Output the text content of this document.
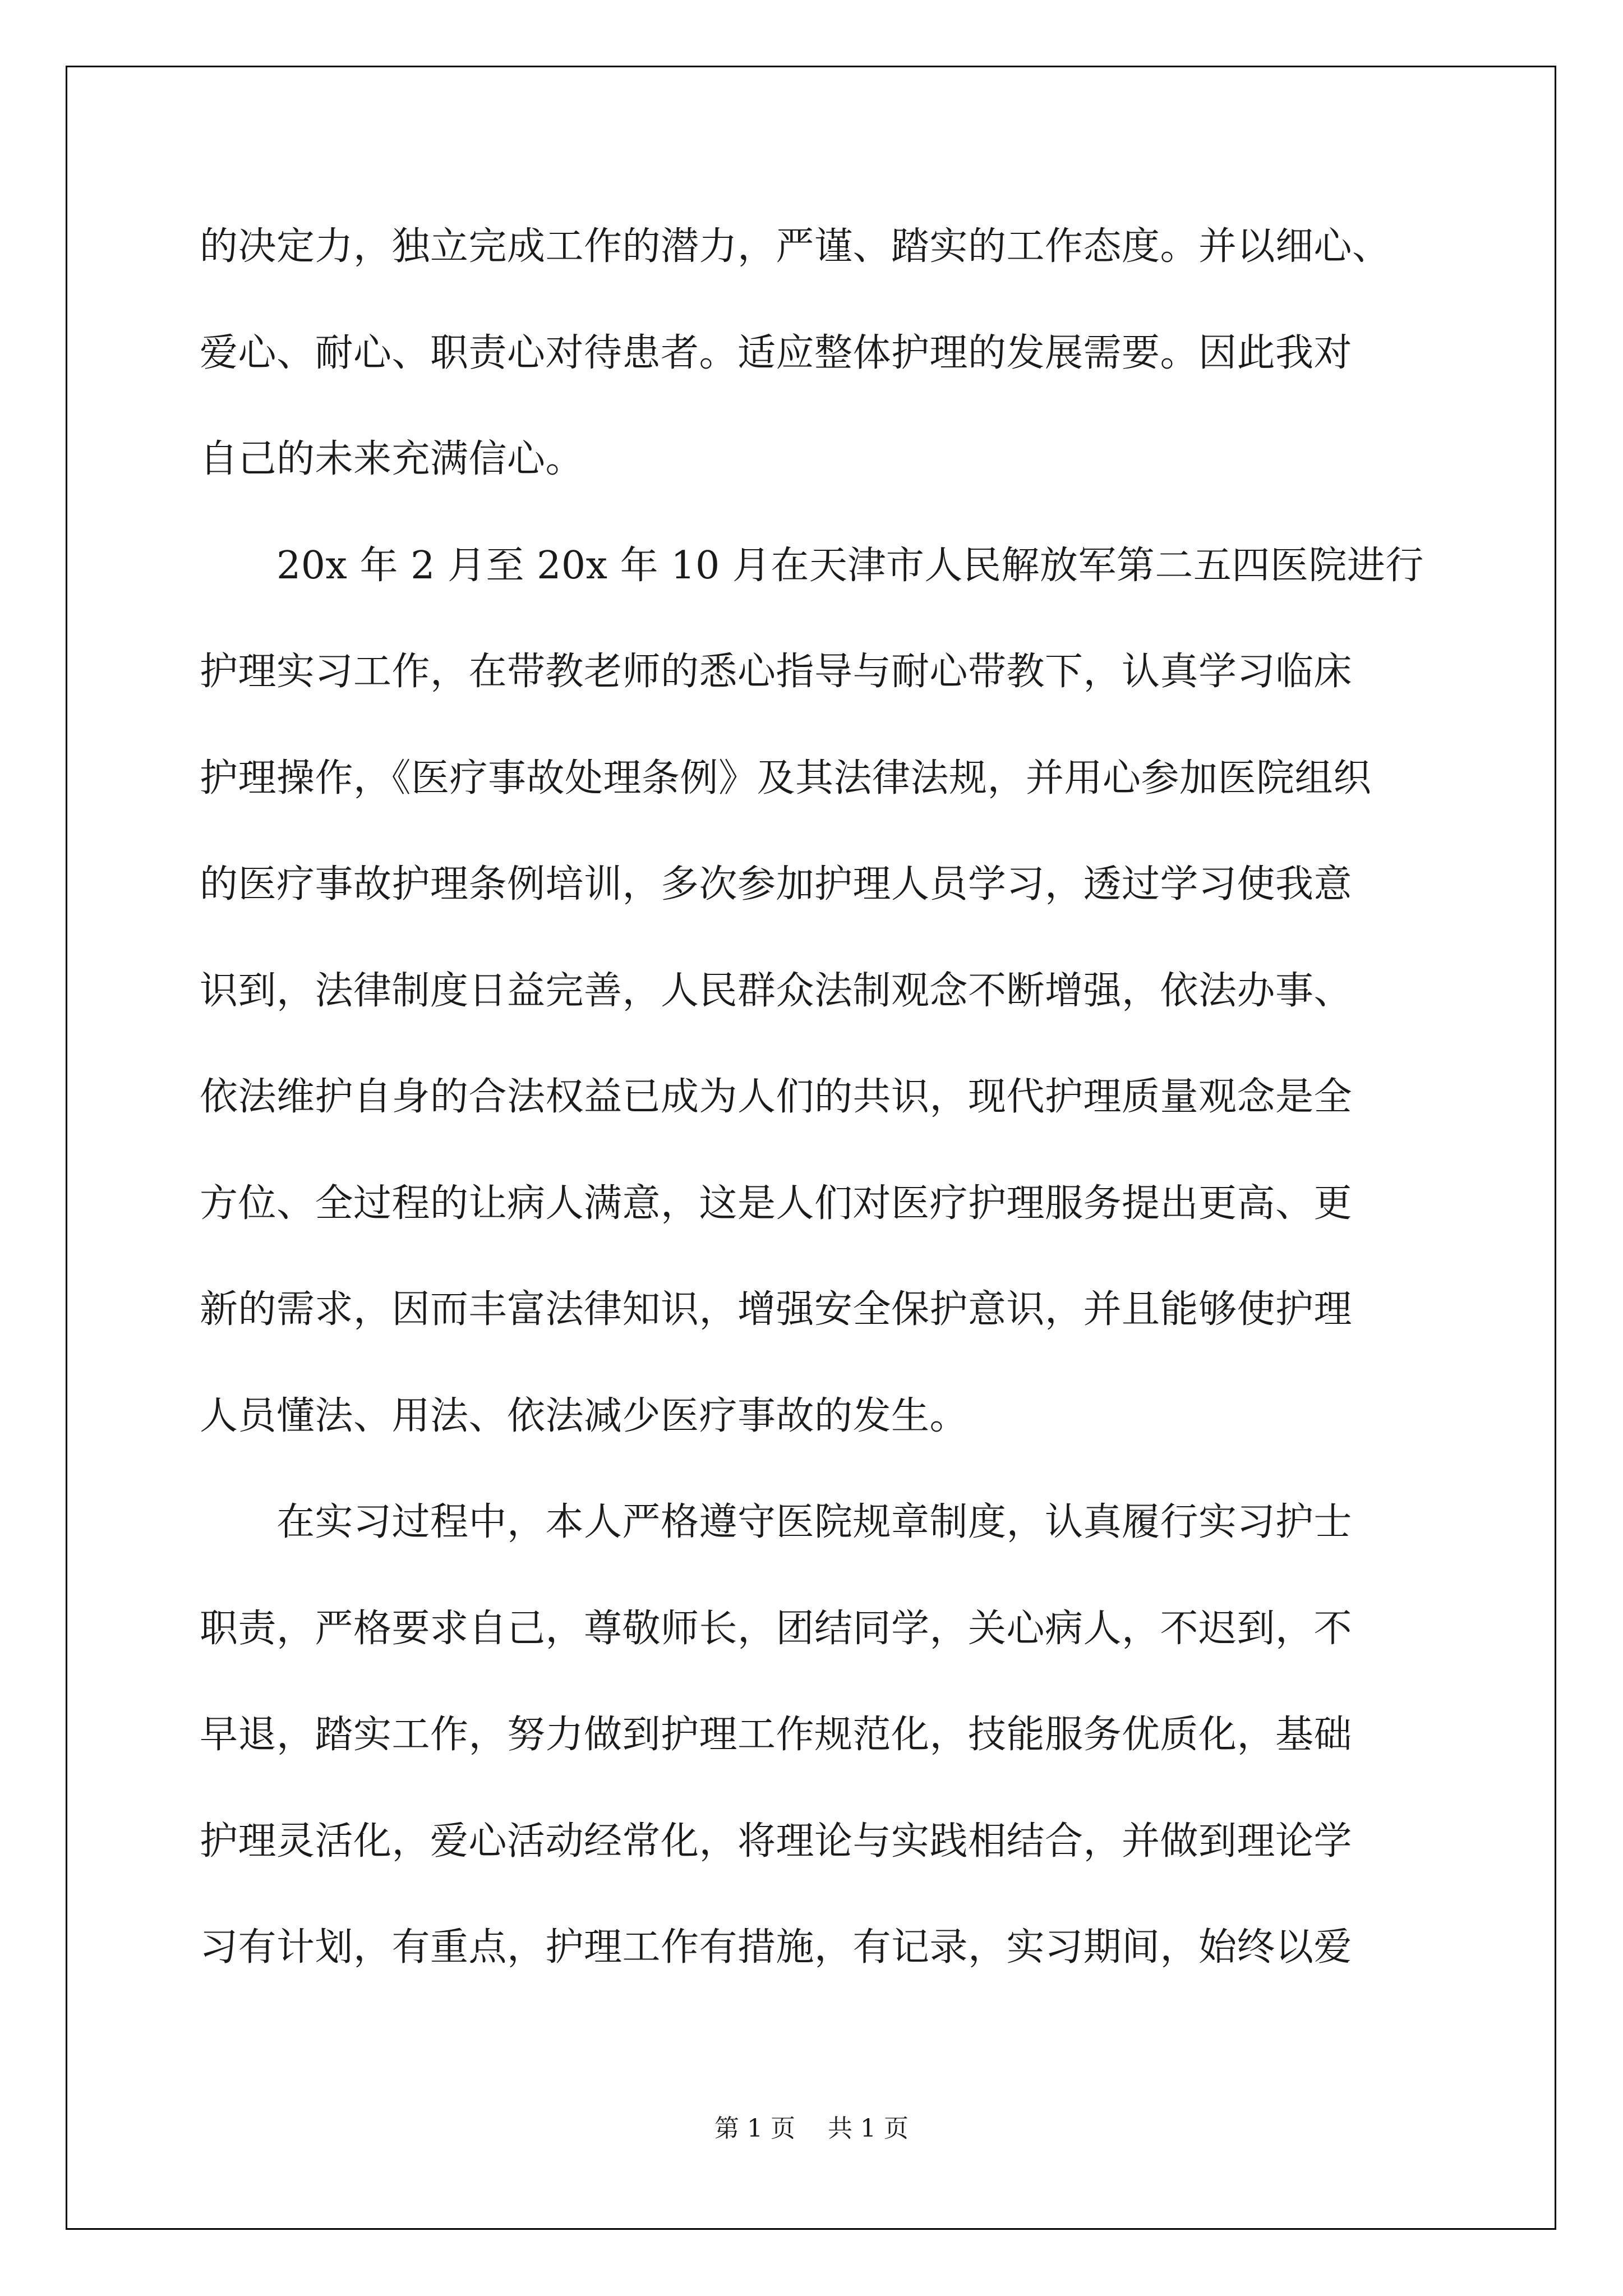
的决定力，独立完成工作的潜力，严谨、踏实的工作态度。并以细心、
爱心、耐心、职责心对待患者。适应整体护理的发展需要。因此我对
自己的未来充满信心。
　　20x 年 2 月至 20x 年 10 月在天津市人民解放军第二五四医院进行
护理实习工作，在带教老师的悉心指导与耐心带教下，认真学习临床
护理操作，《医疗事故处理条例》及其法律法规，并用心参加医院组织
的医疗事故护理条例培训，多次参加护理人员学习，透过学习使我意
识到，法律制度日益完善，人民群众法制观念不断增强，依法办事、
依法维护自身的合法权益已成为人们的共识，现代护理质量观念是全
方位、全过程的让病人满意，这是人们对医疗护理服务提出更高、更
新的需求，因而丰富法律知识，增强安全保护意识，并且能够使护理
人员懂法、用法、依法减少医疗事故的发生。
　　在实习过程中，本人严格遵守医院规章制度，认真履行实习护士
职责，严格要求自己，尊敬师长，团结同学，关心病人，不迟到，不
早退，踏实工作，努力做到护理工作规范化，技能服务优质化，基础
护理灵活化，爱心活动经常化，将理论与实践相结合，并做到理论学
习有计划，有重点，护理工作有措施，有记录，实习期间，始终以爱
第 1 页　 共 1 页
